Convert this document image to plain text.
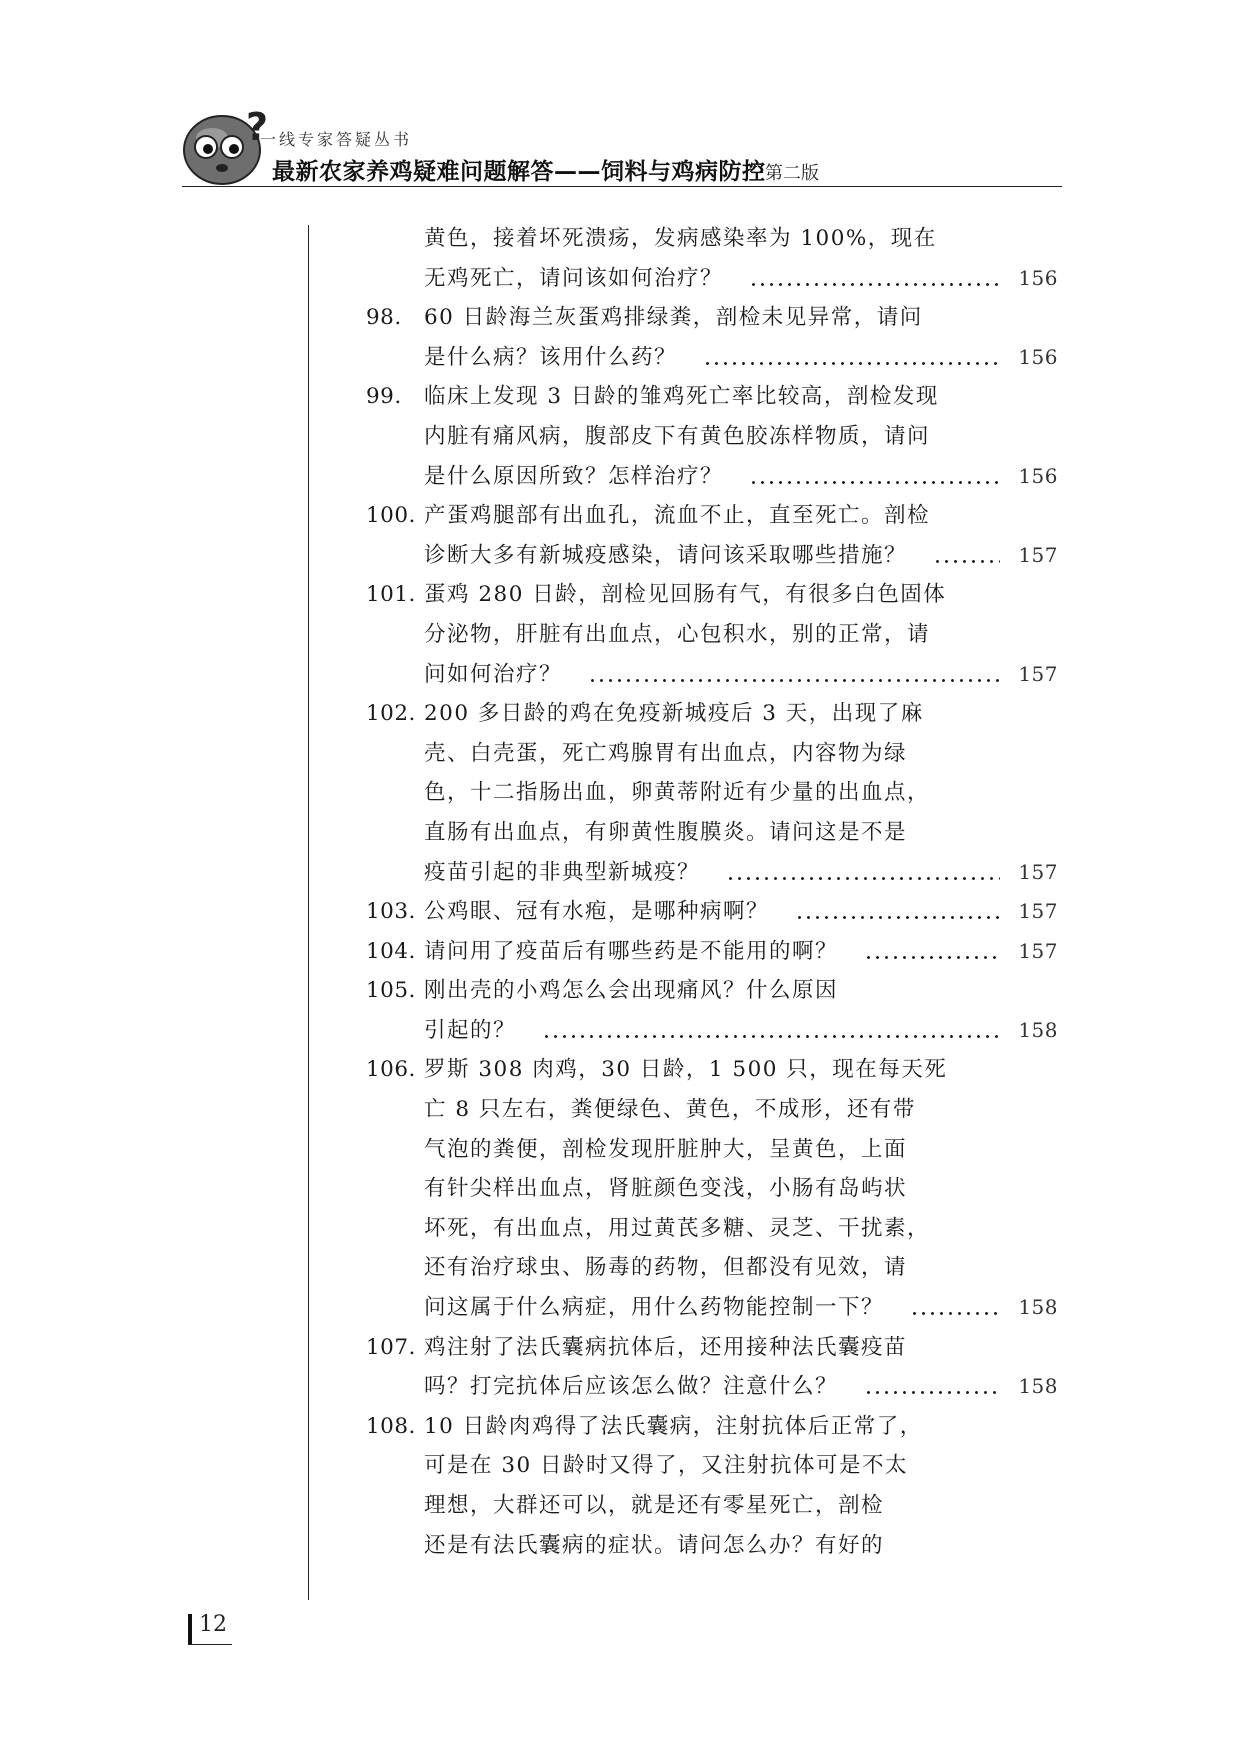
?
一线专家答疑丛书
最新农家养鸡疑难问题解答——饲料与鸡病防控 第二版
黄色，接着坏死溃疡，发病感染率为 100%，现在
无鸡死亡，请问该如何治疗？	156
98. 60 日龄海兰灰蛋鸡排绿粪，剖检未见异常，请问
是什么病？该用什么药？	156
99. 临床上发现 3 日龄的雏鸡死亡率比较高，剖检发现
内脏有痛风病，腹部皮下有黄色胶冻样物质，请问
是什么原因所致？怎样治疗？	156
100. 产蛋鸡腿部有出血孔，流血不止，直至死亡。剖检
诊断大多有新城疫感染，请问该采取哪些措施？	157
101. 蛋鸡 280 日龄，剖检见回肠有气，有很多白色固体
分泌物，肝脏有出血点，心包积水，别的正常，请
问如何治疗？	157
102. 200 多日龄的鸡在免疫新城疫后 3 天，出现了麻
壳、白壳蛋，死亡鸡腺胃有出血点，内容物为绿
色，十二指肠出血，卵黄蒂附近有少量的出血点，
直肠有出血点，有卵黄性腹膜炎。请问这是不是
疫苗引起的非典型新城疫？	157
103. 公鸡眼、冠有水疱，是哪种病啊？	157
104. 请问用了疫苗后有哪些药是不能用的啊？	157
105. 刚出壳的小鸡怎么会出现痛风？什么原因
引起的？	158
106. 罗斯 308 肉鸡，30 日龄，1 500 只，现在每天死
亡 8 只左右，粪便绿色、黄色，不成形，还有带
气泡的粪便，剖检发现肝脏肿大，呈黄色，上面
有针尖样出血点，肾脏颜色变浅，小肠有岛屿状
坏死，有出血点，用过黄芪多糖、灵芝、干扰素，
还有治疗球虫、肠毒的药物，但都没有见效，请
问这属于什么病症，用什么药物能控制一下？	158
107. 鸡注射了法氏囊病抗体后，还用接种法氏囊疫苗
吗？打完抗体后应该怎么做？注意什么？	158
108. 10 日龄肉鸡得了法氏囊病，注射抗体后正常了，
可是在 30 日龄时又得了，又注射抗体可是不太
理想，大群还可以，就是还有零星死亡，剖检
还是有法氏囊病的症状。请问怎么办？有好的
12
